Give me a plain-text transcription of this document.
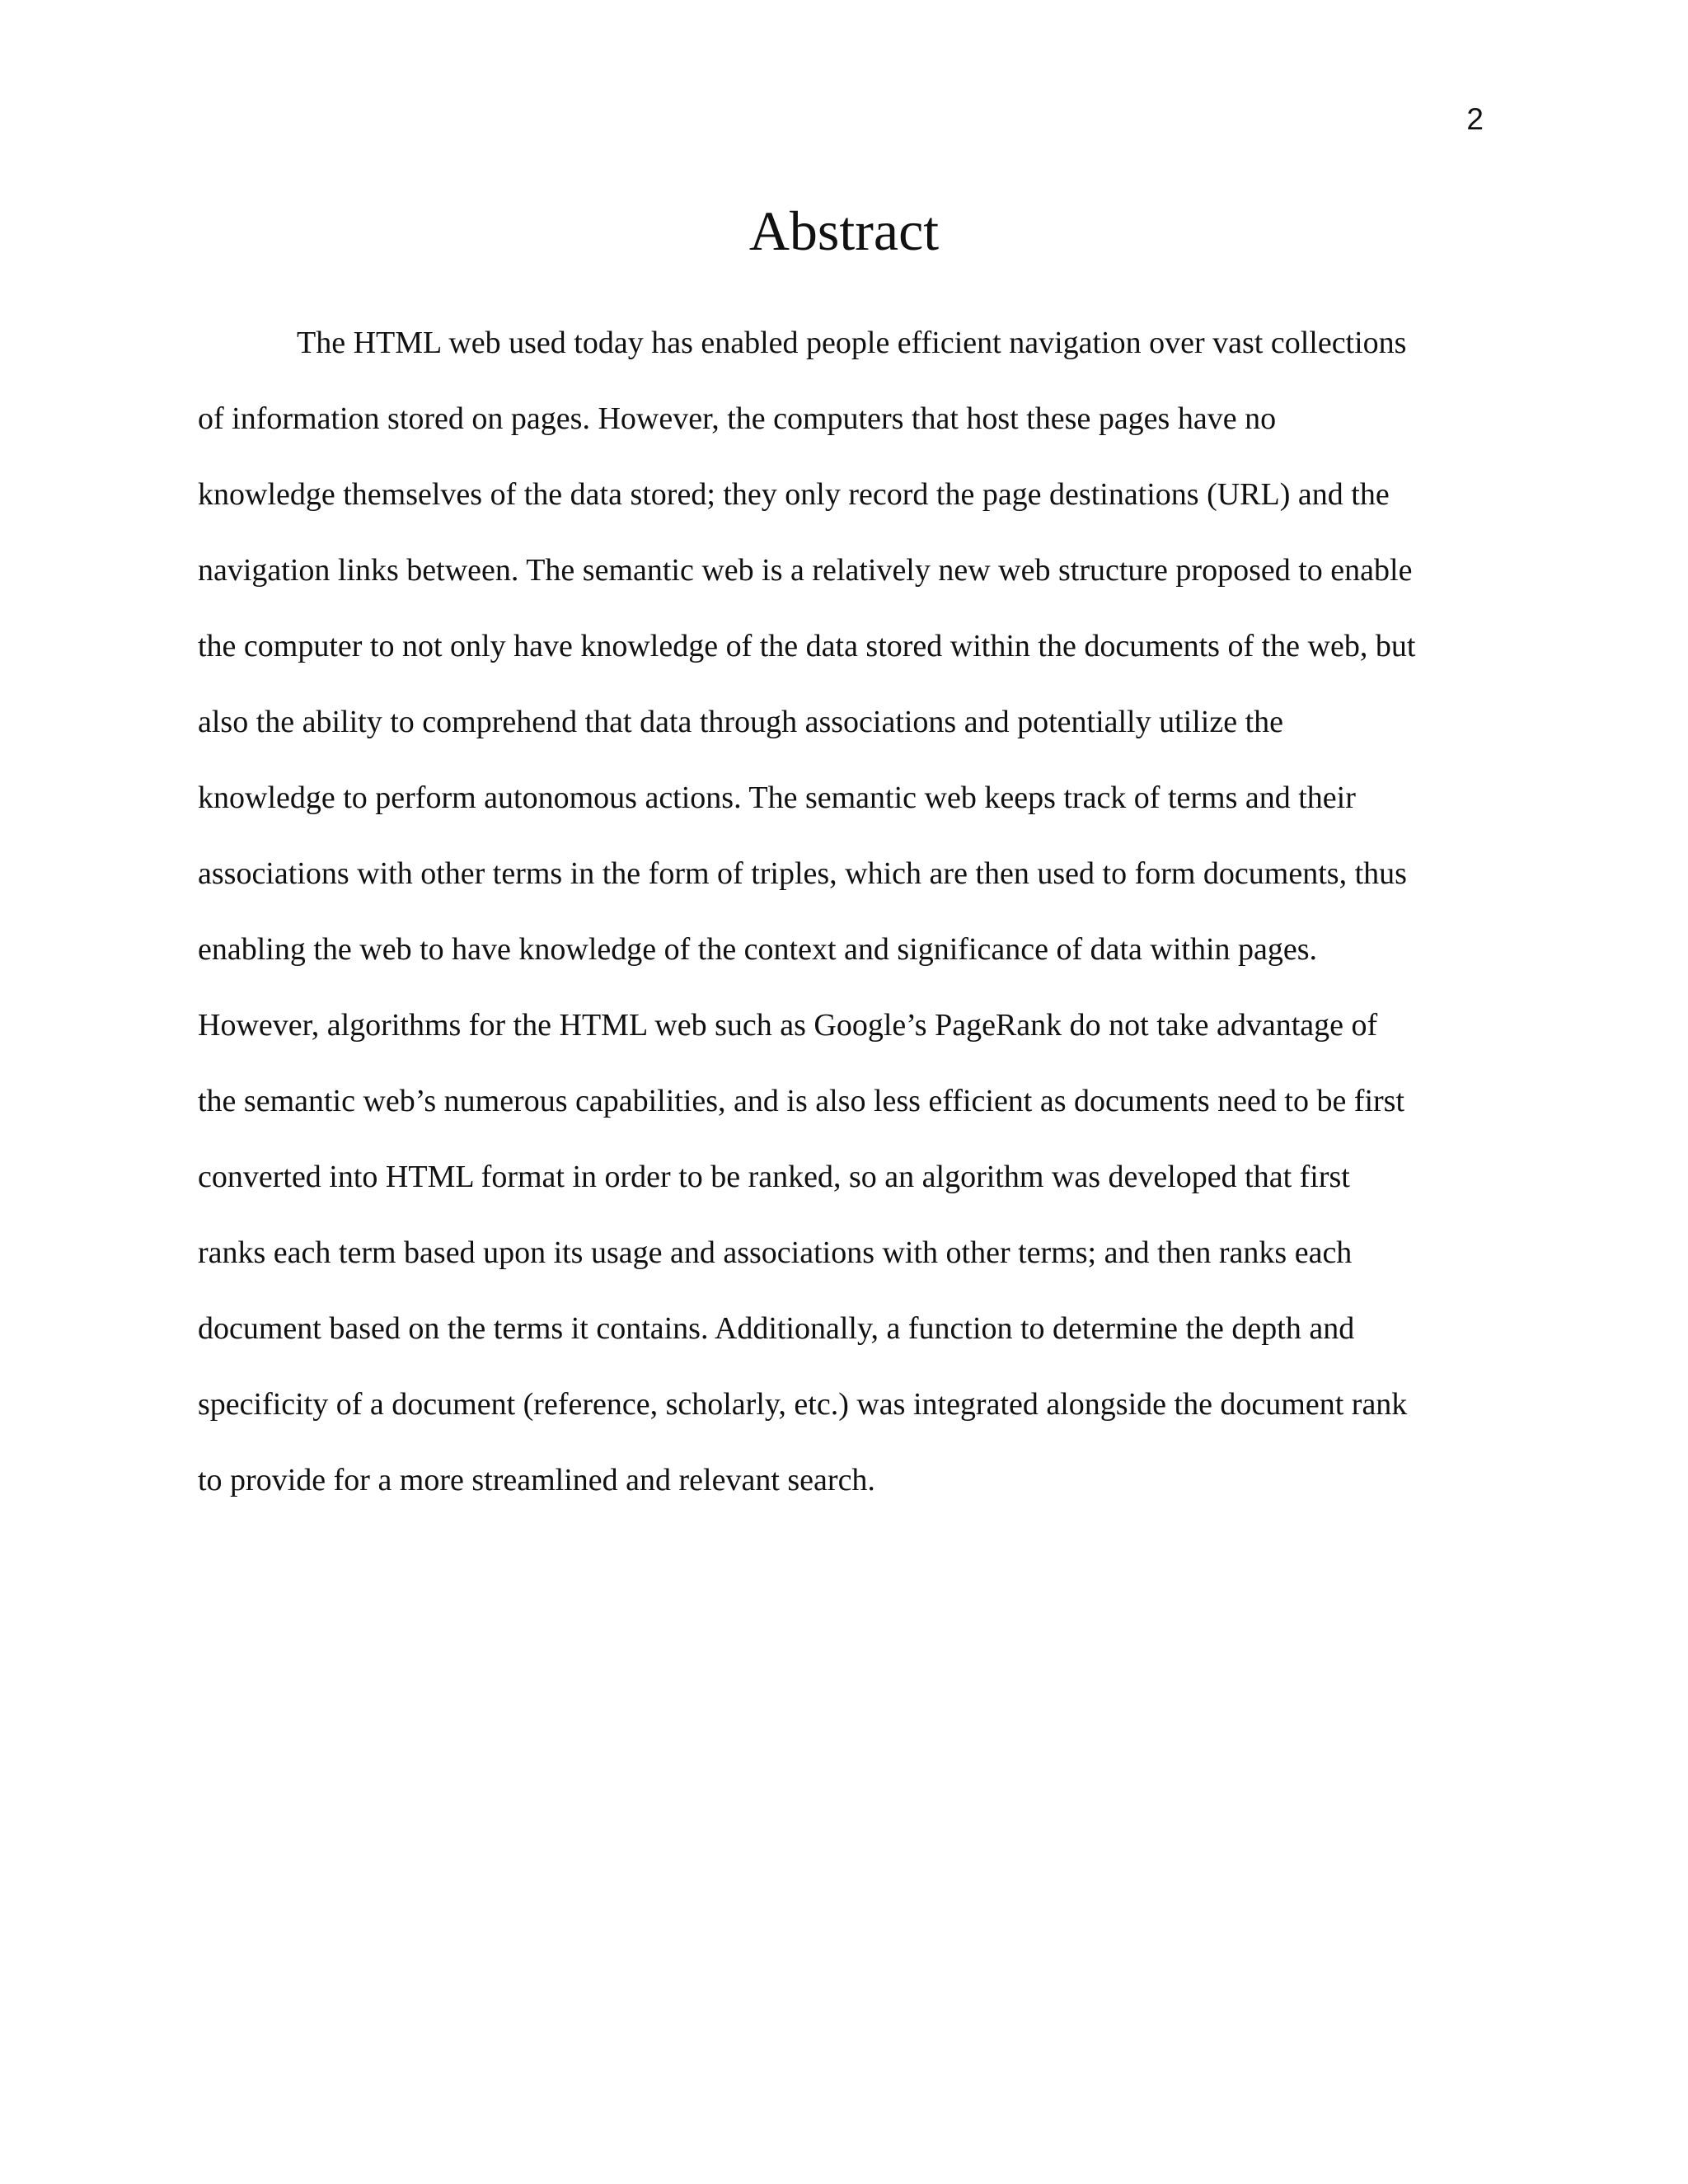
2
Abstract
The HTML web used today has enabled people efficient navigation over vast collections
of information stored on pages. However, the computers that host these pages have no
knowledge themselves of the data stored; they only record the page destinations (URL) and the
navigation links between. The semantic web is a relatively new web structure proposed to enable
the computer to not only have knowledge of the data stored within the documents of the web, but
also the ability to comprehend that data through associations and potentially utilize the
knowledge to perform autonomous actions. The semantic web keeps track of terms and their
associations with other terms in the form of triples, which are then used to form documents, thus
enabling the web to have knowledge of the context and significance of data within pages.
However, algorithms for the HTML web such as Google’s PageRank do not take advantage of
the semantic web’s numerous capabilities, and is also less efficient as documents need to be first
converted into HTML format in order to be ranked, so an algorithm was developed that first
ranks each term based upon its usage and associations with other terms; and then ranks each
document based on the terms it contains. Additionally, a function to determine the depth and
specificity of a document (reference, scholarly, etc.) was integrated alongside the document rank
to provide for a more streamlined and relevant search.
